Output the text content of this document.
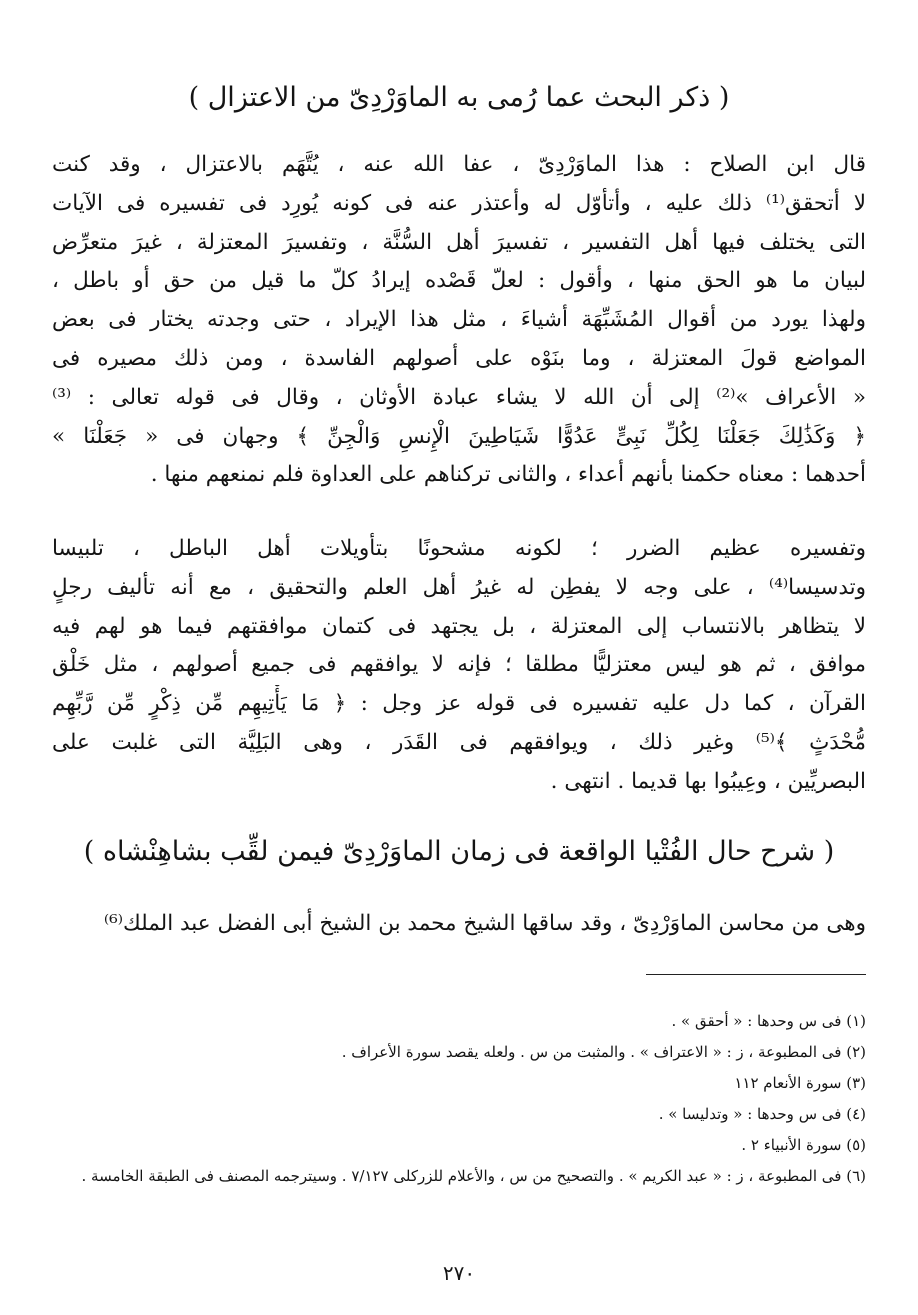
( ذكر البحث عما رُمى به الماوَرْدِىّ من الاعتزال )
قال ابن الصلاح : هذا الماوَرْدِىّ ، عفا الله عنه ، يُتَّهَم بالاعتزال ، وقد كنت
لا أتحقق⁽¹⁾ ذلك عليه ، وأتأوّل له وأعتذر عنه فى كونه يُورِد فى تفسيره فى الآيات
التى يختلف فيها أهل التفسير ، تفسيرَ أهل السُّنَّة ، وتفسيرَ المعتزلة ، غيرَ متعرِّض
لبيان ما هو الحق منها ، وأقول : لعلّ قَصْده إيرادُ كلّ ما قيل من حق أو باطل ،
ولهذا يورد من أقوال المُشَبِّهَة أشياءَ ، مثل هذا الإيراد ، حتى وجدته يختار فى بعض
المواضع قولَ المعتزلة ، وما بنَوْه على أصولهم الفاسدة ، ومن ذلك مصيره فى
« الأعراف »⁽²⁾ إلى أن الله لا يشاء عبادة الأوثان ، وقال فى قوله تعالى : ⁽³⁾
﴿ وَكَذَٰلِكَ جَعَلْنَا لِكُلِّ نَبِىٍّ عَدُوًّا شَيَاطِينَ الْإِنسِ وَالْجِنِّ ﴾ وجهان فى « جَعَلْنَا »
أحدهما : معناه حكمنا بأنهم أعداء ، والثانى تركناهم على العداوة فلم نمنعهم منها .
وتفسيره عظيم الضرر ؛ لكونه مشحونًا بتأويلات أهل الباطل ، تلبيسا
وتدسيسا⁽⁴⁾ ، على وجه لا يفطِن له غيرُ أهل العلم والتحقيق ، مع أنه تأليف رجلٍ
لا يتظاهر بالانتساب إلى المعتزلة ، بل يجتهد فى كتمان موافقتهم فيما هو لهم فيه
موافق ، ثم هو ليس معتزليًّا مطلقا ؛ فإنه لا يوافقهم فى جميع أصولهم ، مثل خَلْق
القرآن ، كما دل عليه تفسيره فى قوله عز وجل : ﴿ مَا يَأْتِيهِم مِّن ذِكْرٍ مِّن رَّبِّهِم
مُّحْدَثٍ ﴾⁽⁵⁾ وغير ذلك ، ويوافقهم فى القَدَر ، وهى البَلِيَّة التى غلبت على
البصريِّين ، وعِيبُوا بها قديما . انتهى .
( شرح حال الفُتْيا الواقعة فى زمان الماوَرْدِىّ فيمن لقِّب بشاهِنْشاه )
وهى من محاسن الماوَرْدِىّ ، وقد ساقها الشيخ محمد بن الشيخ أبى الفضل عبد الملك⁽⁶⁾
(١) فى س وحدها : « أحقق » .
(٢) فى المطبوعة ، ز : « الاعتراف » . والمثبت من س . ولعله يقصد سورة الأعراف .
(٣) سورة الأنعام ١١٢
(٤) فى س وحدها : « وتدليسا » .
(٥) سورة الأنبياء ٢ .
(٦) فى المطبوعة ، ز : « عبد الكريم » . والتصحيح من س ، والأعلام للزركلى ٧/١٢٧ . وسيترجمه المصنف فى الطبقة الخامسة .
٢٧٠
